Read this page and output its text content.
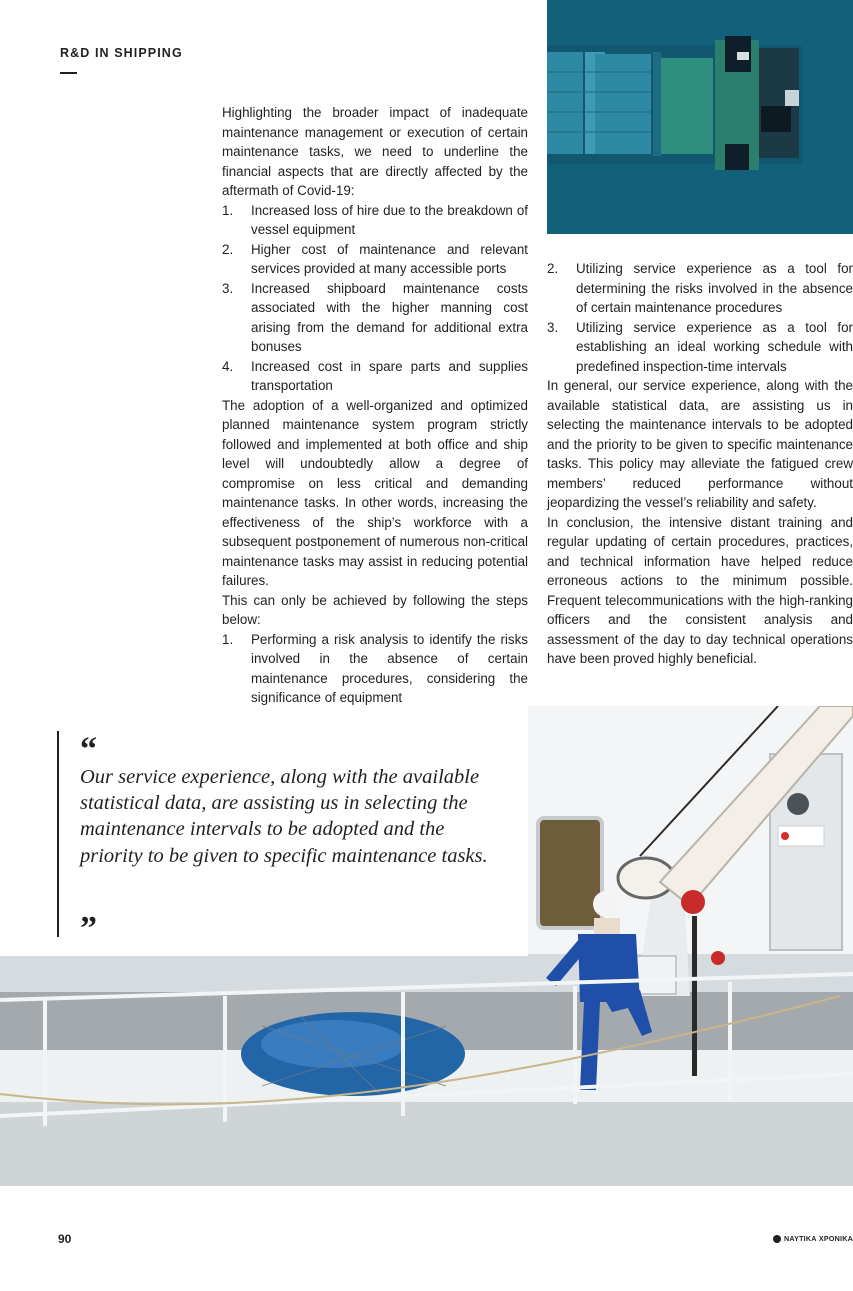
R&D IN SHIPPING

Highlighting the broader impact of inadequate maintenance management or execution of certain maintenance tasks, we need to underline the financial aspects that are directly affected by the aftermath of Covid-19:

1. Increased loss of hire due to the breakdown of vessel equipment
2. Higher cost of maintenance and relevant services provided at many accessible ports
3. Increased shipboard maintenance costs associated with the higher manning cost arising from the demand for additional extra bonuses
4. Increased cost in spare parts and supplies transportation

The adoption of a well-organized and optimized planned maintenance system program strictly followed and implemented at both office and ship level will undoubtedly allow a degree of compromise on less critical and demanding maintenance tasks. In other words, increasing the effectiveness of the ship’s workforce with a subsequent postponement of numerous non-critical maintenance tasks may assist in reducing potential failures.

This can only be achieved by following the steps below:

1. Performing a risk analysis to identify the risks involved in the absence of certain maintenance procedures, considering the significance of equipment
2. Utilizing service experience as a tool for determining the risks involved in the absence of certain maintenance procedures
3. Utilizing service experience as a tool for establishing an ideal working schedule with predefined inspection-time intervals

In general, our service experience, along with the available statistical data, are assisting us in selecting the maintenance intervals to be adopted and the priority to be given to specific maintenance tasks. This policy may alleviate the fatigued crew members’ reduced performance without jeopardizing the vessel’s reliability and safety.

In conclusion, the intensive distant training and regular updating of certain procedures, practices, and technical information have helped reduce erroneous actions to the minimum possible. Frequent telecommunications with the high-ranking officers and the consistent analysis and assessment of the day to day technical operations have been proved highly beneficial.

“

Our service experience, along with the available statistical data, are assisting us in selecting the maintenance intervals to be adopted and the priority to be given to specific maintenance tasks.

”
90	ΝΑΥΤΙΚΑ ΧΡΟΝΙΚΑ
